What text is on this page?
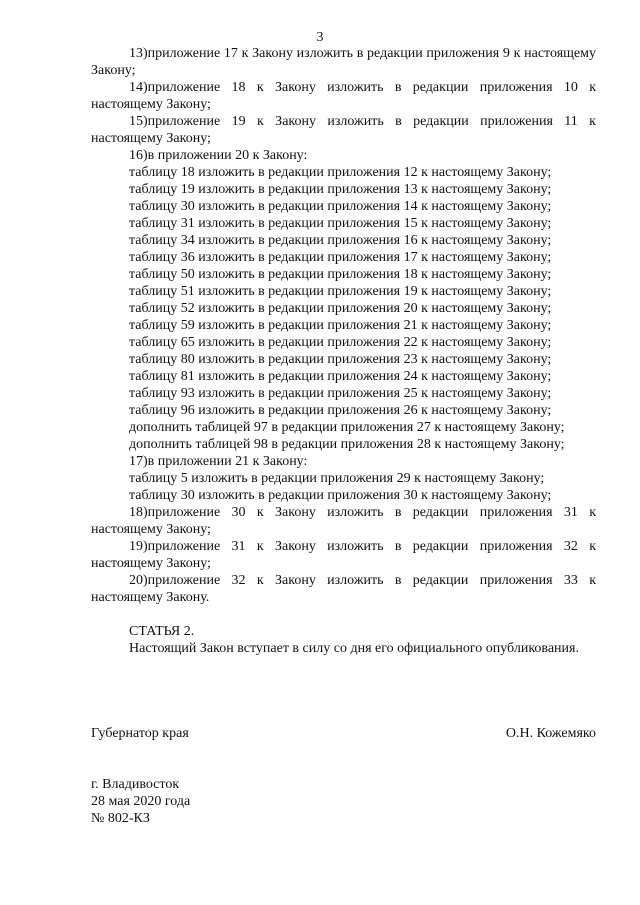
3

13)приложение 17 к Закону изложить в редакции приложения 9 к настоящему Закону;

14)приложение 18 к Закону изложить в редакции приложения 10 к настоящему Закону;

15)приложение 19 к Закону изложить в редакции приложения 11 к настоящему Закону;

16)в приложении 20 к Закону:

таблицу 18 изложить в редакции приложения 12 к настоящему Закону;

таблицу 19 изложить в редакции приложения 13 к настоящему Закону;

таблицу 30 изложить в редакции приложения 14 к настоящему Закону;

таблицу 31 изложить в редакции приложения 15 к настоящему Закону;

таблицу 34 изложить в редакции приложения 16 к настоящему Закону;

таблицу 36 изложить в редакции приложения 17 к настоящему Закону;

таблицу 50 изложить в редакции приложения 18 к настоящему Закону;

таблицу 51 изложить в редакции приложения 19 к настоящему Закону;

таблицу 52 изложить в редакции приложения 20 к настоящему Закону;

таблицу 59 изложить в редакции приложения 21 к настоящему Закону;

таблицу 65 изложить в редакции приложения 22 к настоящему Закону;

таблицу 80 изложить в редакции приложения 23 к настоящему Закону;

таблицу 81 изложить в редакции приложения 24 к настоящему Закону;

таблицу 93 изложить в редакции приложения 25 к настоящему Закону;

таблицу 96 изложить в редакции приложения 26 к настоящему Закону;

дополнить таблицей 97 в редакции приложения 27 к настоящему Закону;

дополнить таблицей 98 в редакции приложения 28 к настоящему Закону;

17)в приложении 21 к Закону:

таблицу 5 изложить в редакции приложения 29 к настоящему Закону;

таблицу 30 изложить в редакции приложения 30 к настоящему Закону;

18)приложение 30 к Закону изложить в редакции приложения 31 к настоящему Закону;

19)приложение 31 к Закону изложить в редакции приложения 32 к настоящему Закону;

20)приложение 32 к Закону изложить в редакции приложения 33 к настоящему Закону.

СТАТЬЯ 2.

Настоящий Закон вступает в силу со дня его официального опубликования.

Губернатор края	О.Н. Кожемяко

г. Владивосток

28 мая 2020 года

№ 802-КЗ
